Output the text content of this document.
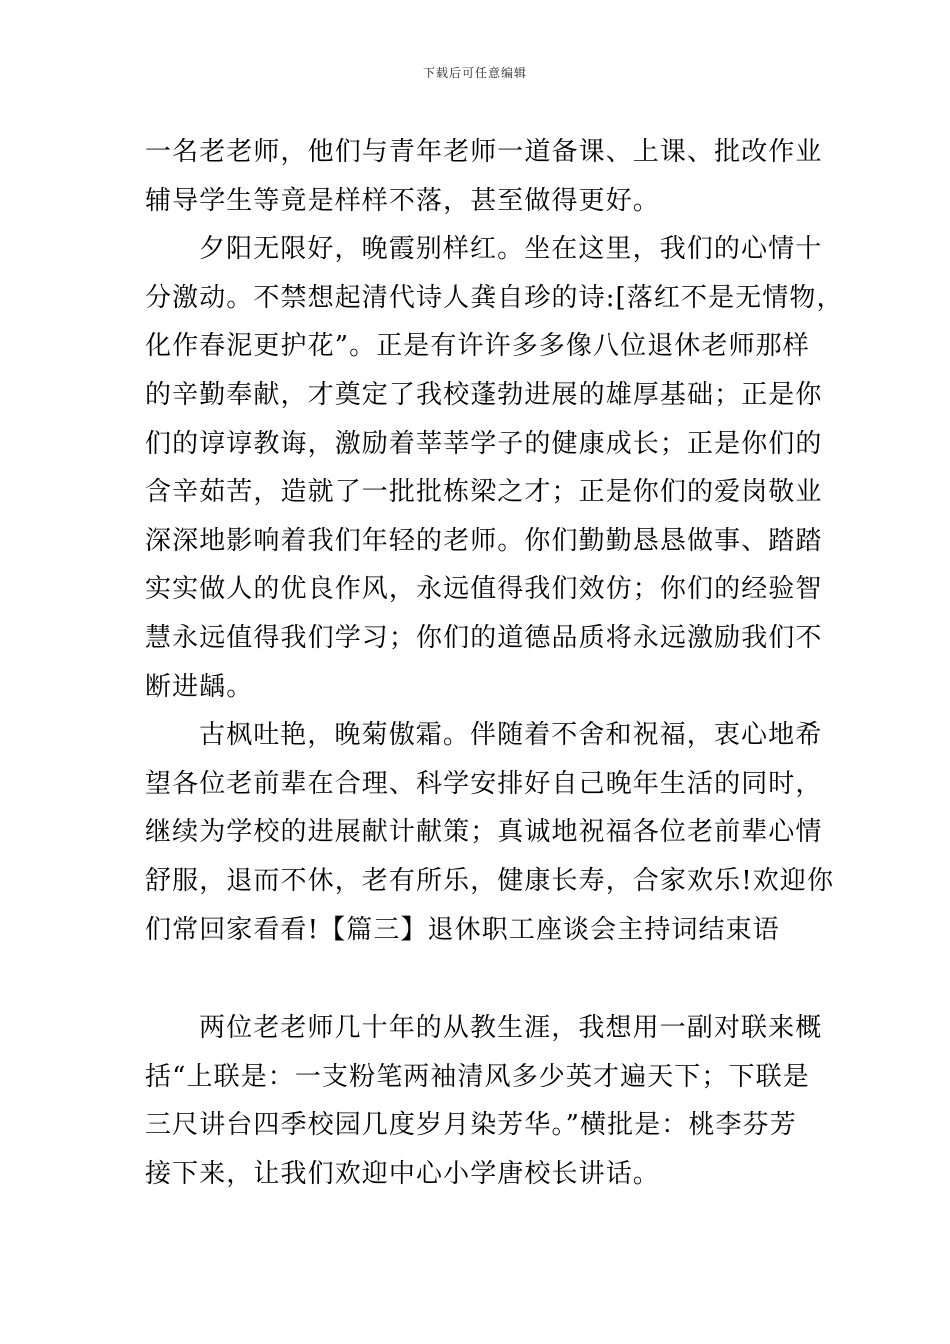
下载后可任意编辑
一名老老师，他们与青年老师一道备课、上课、批改作业
辅导学生等竟是样样不落，甚至做得更好。
夕阳无限好，晚霞别样红。坐在这里，我们的心情十
分激动。不禁想起清代诗人龚自珍的诗:[落红不是无情物，
化作春泥更护花”。正是有许许多多像八位退休老师那样
的辛勤奉献，才奠定了我校蓬勃进展的雄厚基础；正是你
们的谆谆教诲，激励着莘莘学子的健康成长；正是你们的
含辛茹苦，造就了一批批栋梁之才；正是你们的爱岗敬业
深深地影响着我们年轻的老师。你们勤勤恳恳做事、踏踏
实实做人的优良作风，永远值得我们效仿；你们的经验智
慧永远值得我们学习；你们的道德品质将永远激励我们不
断进龋。
古枫吐艳，晚菊傲霜。伴随着不舍和祝福，衷心地希
望各位老前辈在合理、科学安排好自己晚年生活的同时，
继续为学校的进展献计献策；真诚地祝福各位老前辈心情
舒服，退而不休，老有所乐，健康长寿，合家欢乐!欢迎你
们常回家看看!【篇三】退休职工座谈会主持词结束语
两位老老师几十年的从教生涯，我想用一副对联来概
括“上联是：一支粉笔两袖清风多少英才遍天下；下联是
三尺讲台四季校园几度岁月染芳华。”横批是：桃李芬芳
接下来，让我们欢迎中心小学唐校长讲话。
